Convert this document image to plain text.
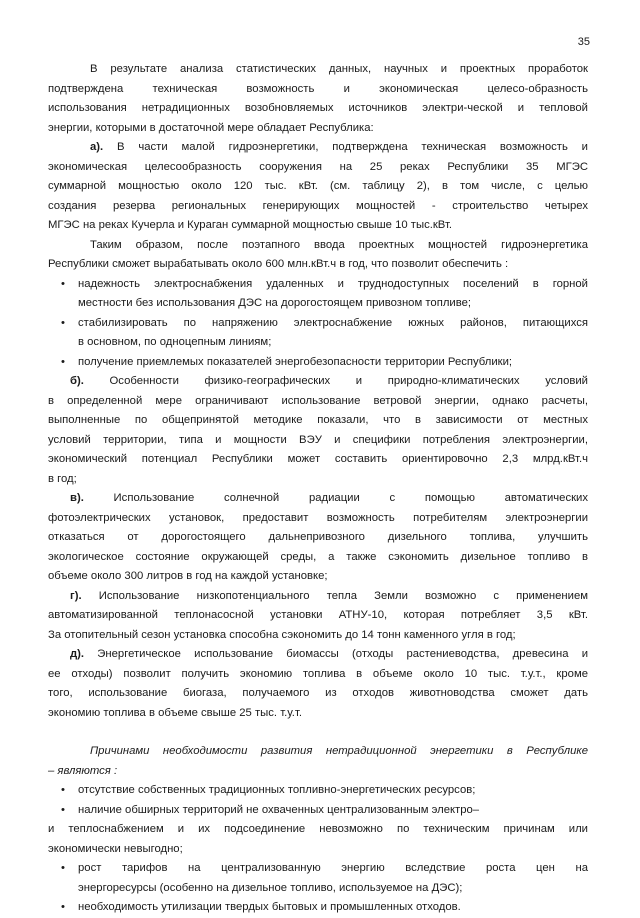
35
В результате анализа статистических данных, научных и проектных проработок
подтверждена техническая возможность и экономическая целесо-образность
использования нетрадиционных возобновляемых источников электри-ческой и тепловой
энергии, которыми в достаточной мере обладает Республика:
а). В части малой гидроэнергетики, подтверждена техническая возможность и
экономическая целесообразность сооружения на 25 реках Республики 35 МГЭС
суммарной мощностью около 120 тыс. кВт. (см. таблицу 2), в том числе, с целью
создания резерва региональных генерирующих мощностей - строительство четырех
МГЭС на реках Кучерла и Кураган суммарной мощностью свыше 10 тыс.кВт.
Таким образом, после поэтапного ввода проектных мощностей гидроэнергетика
Республики сможет вырабатывать около 600 млн.кВт.ч в год, что позволит обеспечить :
• надежность электроснабжения удаленных и труднодоступных поселений в горной
местности без использования ДЭС на дорогостоящем привозном топливе;
• стабилизировать по напряжению электроснабжение южных районов, питающихся
в основном, по одноцепным линиям;
• получение приемлемых показателей энергобезопасности территории Республики;
б). Особенности физико-географических и природно-климатических условий
в определенной мере ограничивают использование ветровой энергии, однако расчеты,
выполненные по общепринятой методике показали, что в зависимости от местных
условий территории, типа и мощности ВЭУ и специфики потребления электроэнергии,
экономический потенциал Республики может составить ориентировочно 2,3 млрд.кВт.ч
в год;
в). Использование солнечной радиации с помощью автоматических
фотоэлектрических установок, предоставит возможность потребителям электроэнергии
отказаться от дорогостоящего дальнепривозного дизельного топлива, улучшить
экологическое состояние окружающей среды, а также сэкономить дизельное топливо в
объеме около 300 литров в год на каждой установке;
г). Использование низкопотенциального тепла Земли возможно с применением
автоматизированной теплонасосной установки АТНУ-10, которая потребляет 3,5 кВт.
За отопительный сезон установка способна сэкономить до 14 тонн каменного угля в год;
д). Энергетическое использование биомассы (отходы растениеводства, древесина и
ее отходы) позволит получить экономию топлива в объеме около 10 тыс. т.у.т., кроме
того, использование биогаза, получаемого из отходов животноводства сможет дать
экономию топлива в объеме свыше 25 тыс. т.у.т.
Причинами необходимости развития нетрадиционной энергетики в Республике
– являются :
• отсутствие собственных традиционных топливно-энергетических ресурсов;
• наличие обширных территорий не охваченных централизованным электро–
и теплоснабжением и их подсоединение невозможно по техническим причинам или
экономически невыгодно;
• рост тарифов на централизованную энергию вследствие роста цен на
энергоресурсы (особенно на дизельное топливо, используемое на ДЭС);
• необходимость утилизации твердых бытовых и промышленных отходов.
